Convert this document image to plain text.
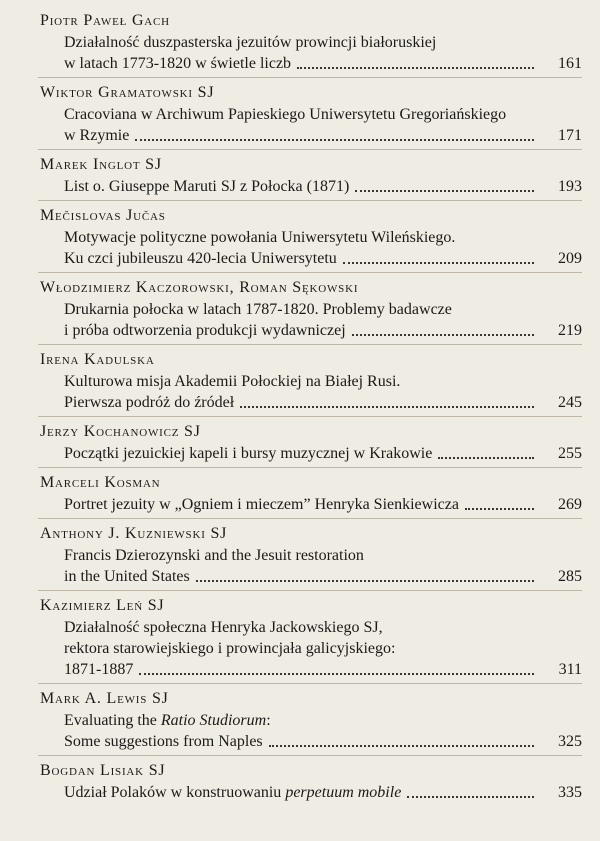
Piotr Paweł Gach
Działalność duszpasterska jezuitów prowincji białoruskiej
w latach 1773-1820 w świetle liczb	161
Wiktor Gramatowski SJ
Cracoviana w Archiwum Papieskiego Uniwersytetu Gregoriańskiego
w Rzymie	171
Marek Inglot SJ
List o. Giuseppe Maruti SJ z Połocka (1871)	193
Mečislovas Jučas
Motywacje polityczne powołania Uniwersytetu Wileńskiego.
Ku czci jubileuszu 420-lecia Uniwersytetu	209
Włodzimierz Kaczorowski, Roman Sękowski
Drukarnia połocka w latach 1787-1820. Problemy badawcze
i próba odtworzenia produkcji wydawniczej	219
Irena Kadulska
Kulturowa misja Akademii Połockiej na Białej Rusi.
Pierwsza podróż do źródeł	245
Jerzy Kochanowicz SJ
Początki jezuickiej kapeli i bursy muzycznej w Krakowie	255
Marceli Kosman
Portret jezuity w „Ogniem i mieczem” Henryka Sienkiewicza	269
Anthony J. Kuzniewski SJ
Francis Dzierozynski and the Jesuit restoration
in the United States	285
Kazimierz Leń SJ
Działalność społeczna Henryka Jackowskiego SJ,
rektora starowiejskiego i prowincjała galicyjskiego:
1871-1887	311
Mark A. Lewis SJ
Evaluating the Ratio Studiorum:
Some suggestions from Naples	325
Bogdan Lisiak SJ
Udział Polaków w konstruowaniu perpetuum mobile	335
